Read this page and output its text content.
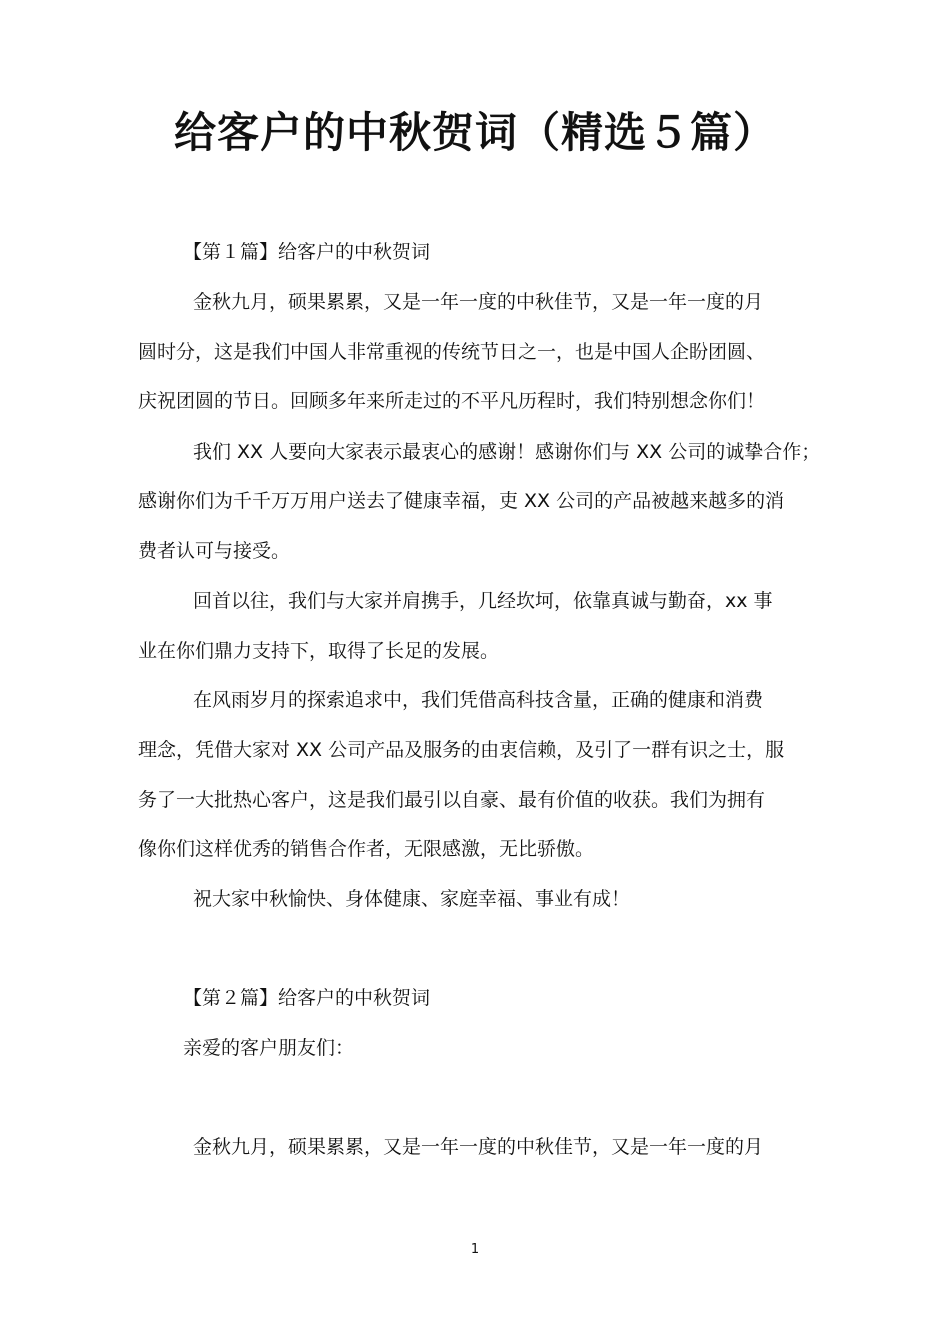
给客户的中秋贺词（精选５篇）
【第１篇】给客户的中秋贺词
金秋九月，硕果累累，又是一年一度的中秋佳节，又是一年一度的月
圆时分，这是我们中国人非常重视的传统节日之一，也是中国人企盼团圆、
庆祝团圆的节日。回顾多年来所走过的不平凡历程时，我们特别想念你们！
我们 XX 人要向大家表示最衷心的感谢！感谢你们与 XX 公司的诚挚合作；
感谢你们为千千万万用户送去了健康幸福，吏 XX 公司的产品被越来越多的消
费者认可与接受。
回首以往，我们与大家并肩携手，几经坎坷，依靠真诚与勤奋，xx 事
业在你们鼎力支持下，取得了长足的发展。
在风雨岁月的探索追求中，我们凭借高科技含量，正确的健康和消费
理念，凭借大家对 XX 公司产品及服务的由衷信赖，及引了一群有识之士，服
务了一大批热心客户，这是我们最引以自豪、最有价值的收获。我们为拥有
像你们这样优秀的销售合作者，无限感激，无比骄傲。
祝大家中秋愉快、身体健康、家庭幸福、事业有成！
【第２篇】给客户的中秋贺词
亲爱的客户朋友们：
金秋九月，硕果累累，又是一年一度的中秋佳节，又是一年一度的月
1
